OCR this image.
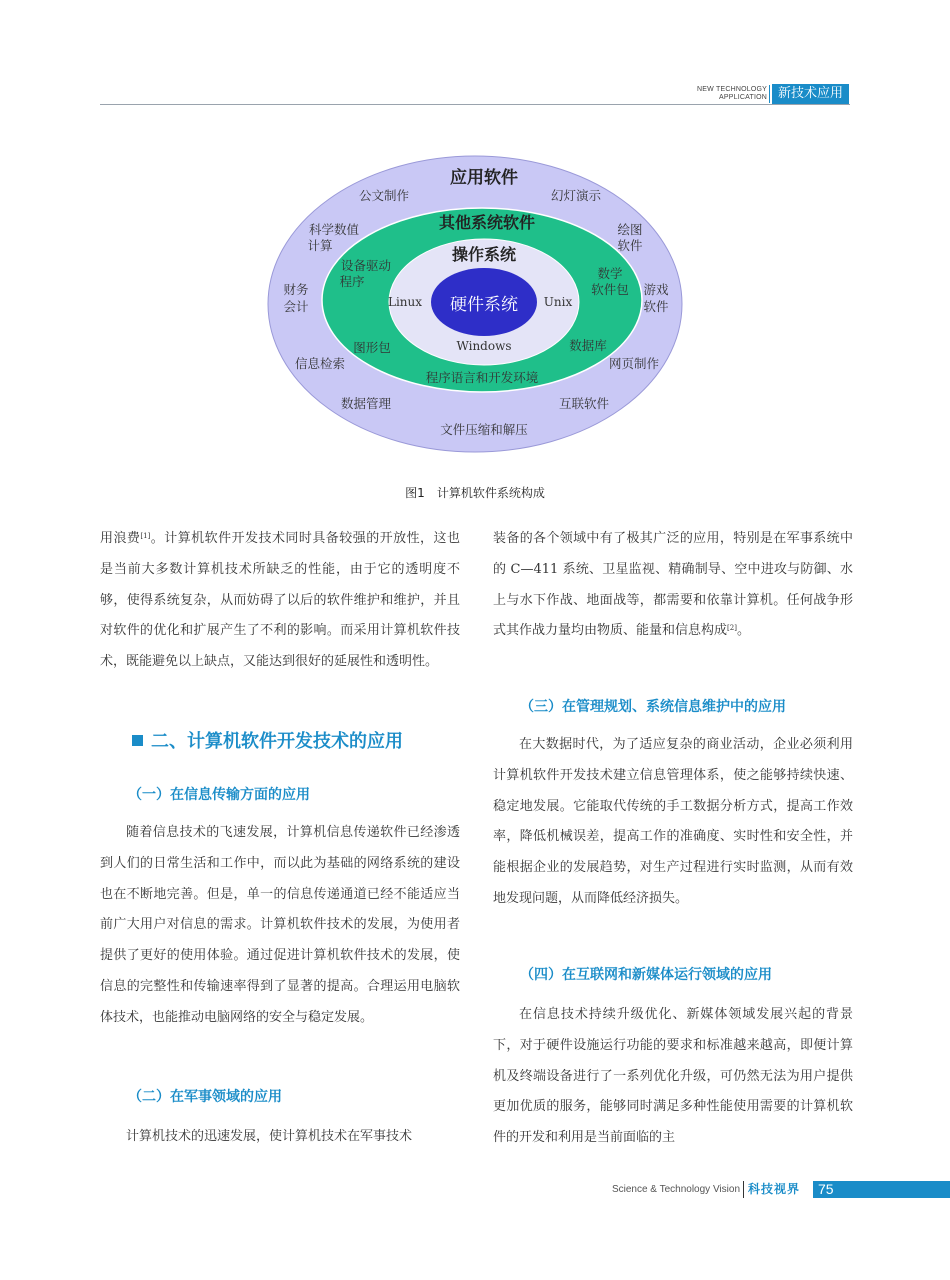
NEW TECHNOLOGY
APPLICATION 新技术应用
应用软件
其他系统软件
操作系统
硬件系统
公文制作	幻灯演示
科学数值
计算
绘图
软件
财务
会计
游戏
软件
信息检索	网页制作
数据管理	互联软件
文件压缩和解压
设备驱动
程序
数学
软件包
图形包	数据库
程序语言和开发环境
Linux	Unix
Windows
图1 计算机软件系统构成

用浪费[1]。计算机软件开发技术同时具备较强的开放性，这也是当前大多数计算机技术所缺乏的性能，由于它的透明度不够，使得系统复杂，从而妨碍了以后的软件维护和维护，并且对软件的优化和扩展产生了不利的影响。而采用计算机软件技术，既能避免以上缺点，又能达到很好的延展性和透明性。

二、计算机软件开发技术的应用
（一）在信息传输方面的应用

随着信息技术的飞速发展，计算机信息传递软件已经渗透到人们的日常生活和工作中，而以此为基础的网络系统的建设也在不断地完善。但是，单一的信息传递通道已经不能适应当前广大用户对信息的需求。计算机软件技术的发展，为使用者提供了更好的使用体验。通过促进计算机软件技术的发展，使信息的完整性和传输速率得到了显著的提高。合理运用电脑软体技术，也能推动电脑网络的安全与稳定发展。

（二）在军事领域的应用

计算机技术的迅速发展，使计算机技术在军事技术

装备的各个领域中有了极其广泛的应用，特别是在军事系统中的 C—411 系统、卫星监视、精确制导、空中进攻与防御、水上与水下作战、地面战等，都需要和依靠计算机。任何战争形式其作战力量均由物质、能量和信息构成[2]。

（三）在管理规划、系统信息维护中的应用

在大数据时代，为了适应复杂的商业活动，企业必须利用计算机软件开发技术建立信息管理体系，使之能够持续快速、稳定地发展。它能取代传统的手工数据分析方式，提高工作效率，降低机械误差，提高工作的准确度、实时性和安全性，并能根据企业的发展趋势，对生产过程进行实时监测，从而有效地发现问题，从而降低经济损失。

（四）在互联网和新媒体运行领域的应用

在信息技术持续升级优化、新媒体领域发展兴起的背景下，对于硬件设施运行功能的要求和标准越来越高，即便计算机及终端设备进行了一系列优化升级，可仍然无法为用户提供更加优质的服务，能够同时满足多种性能使用需要的计算机软件的开发和利用是当前面临的主

Science & Technology Vision 科技视界 75
